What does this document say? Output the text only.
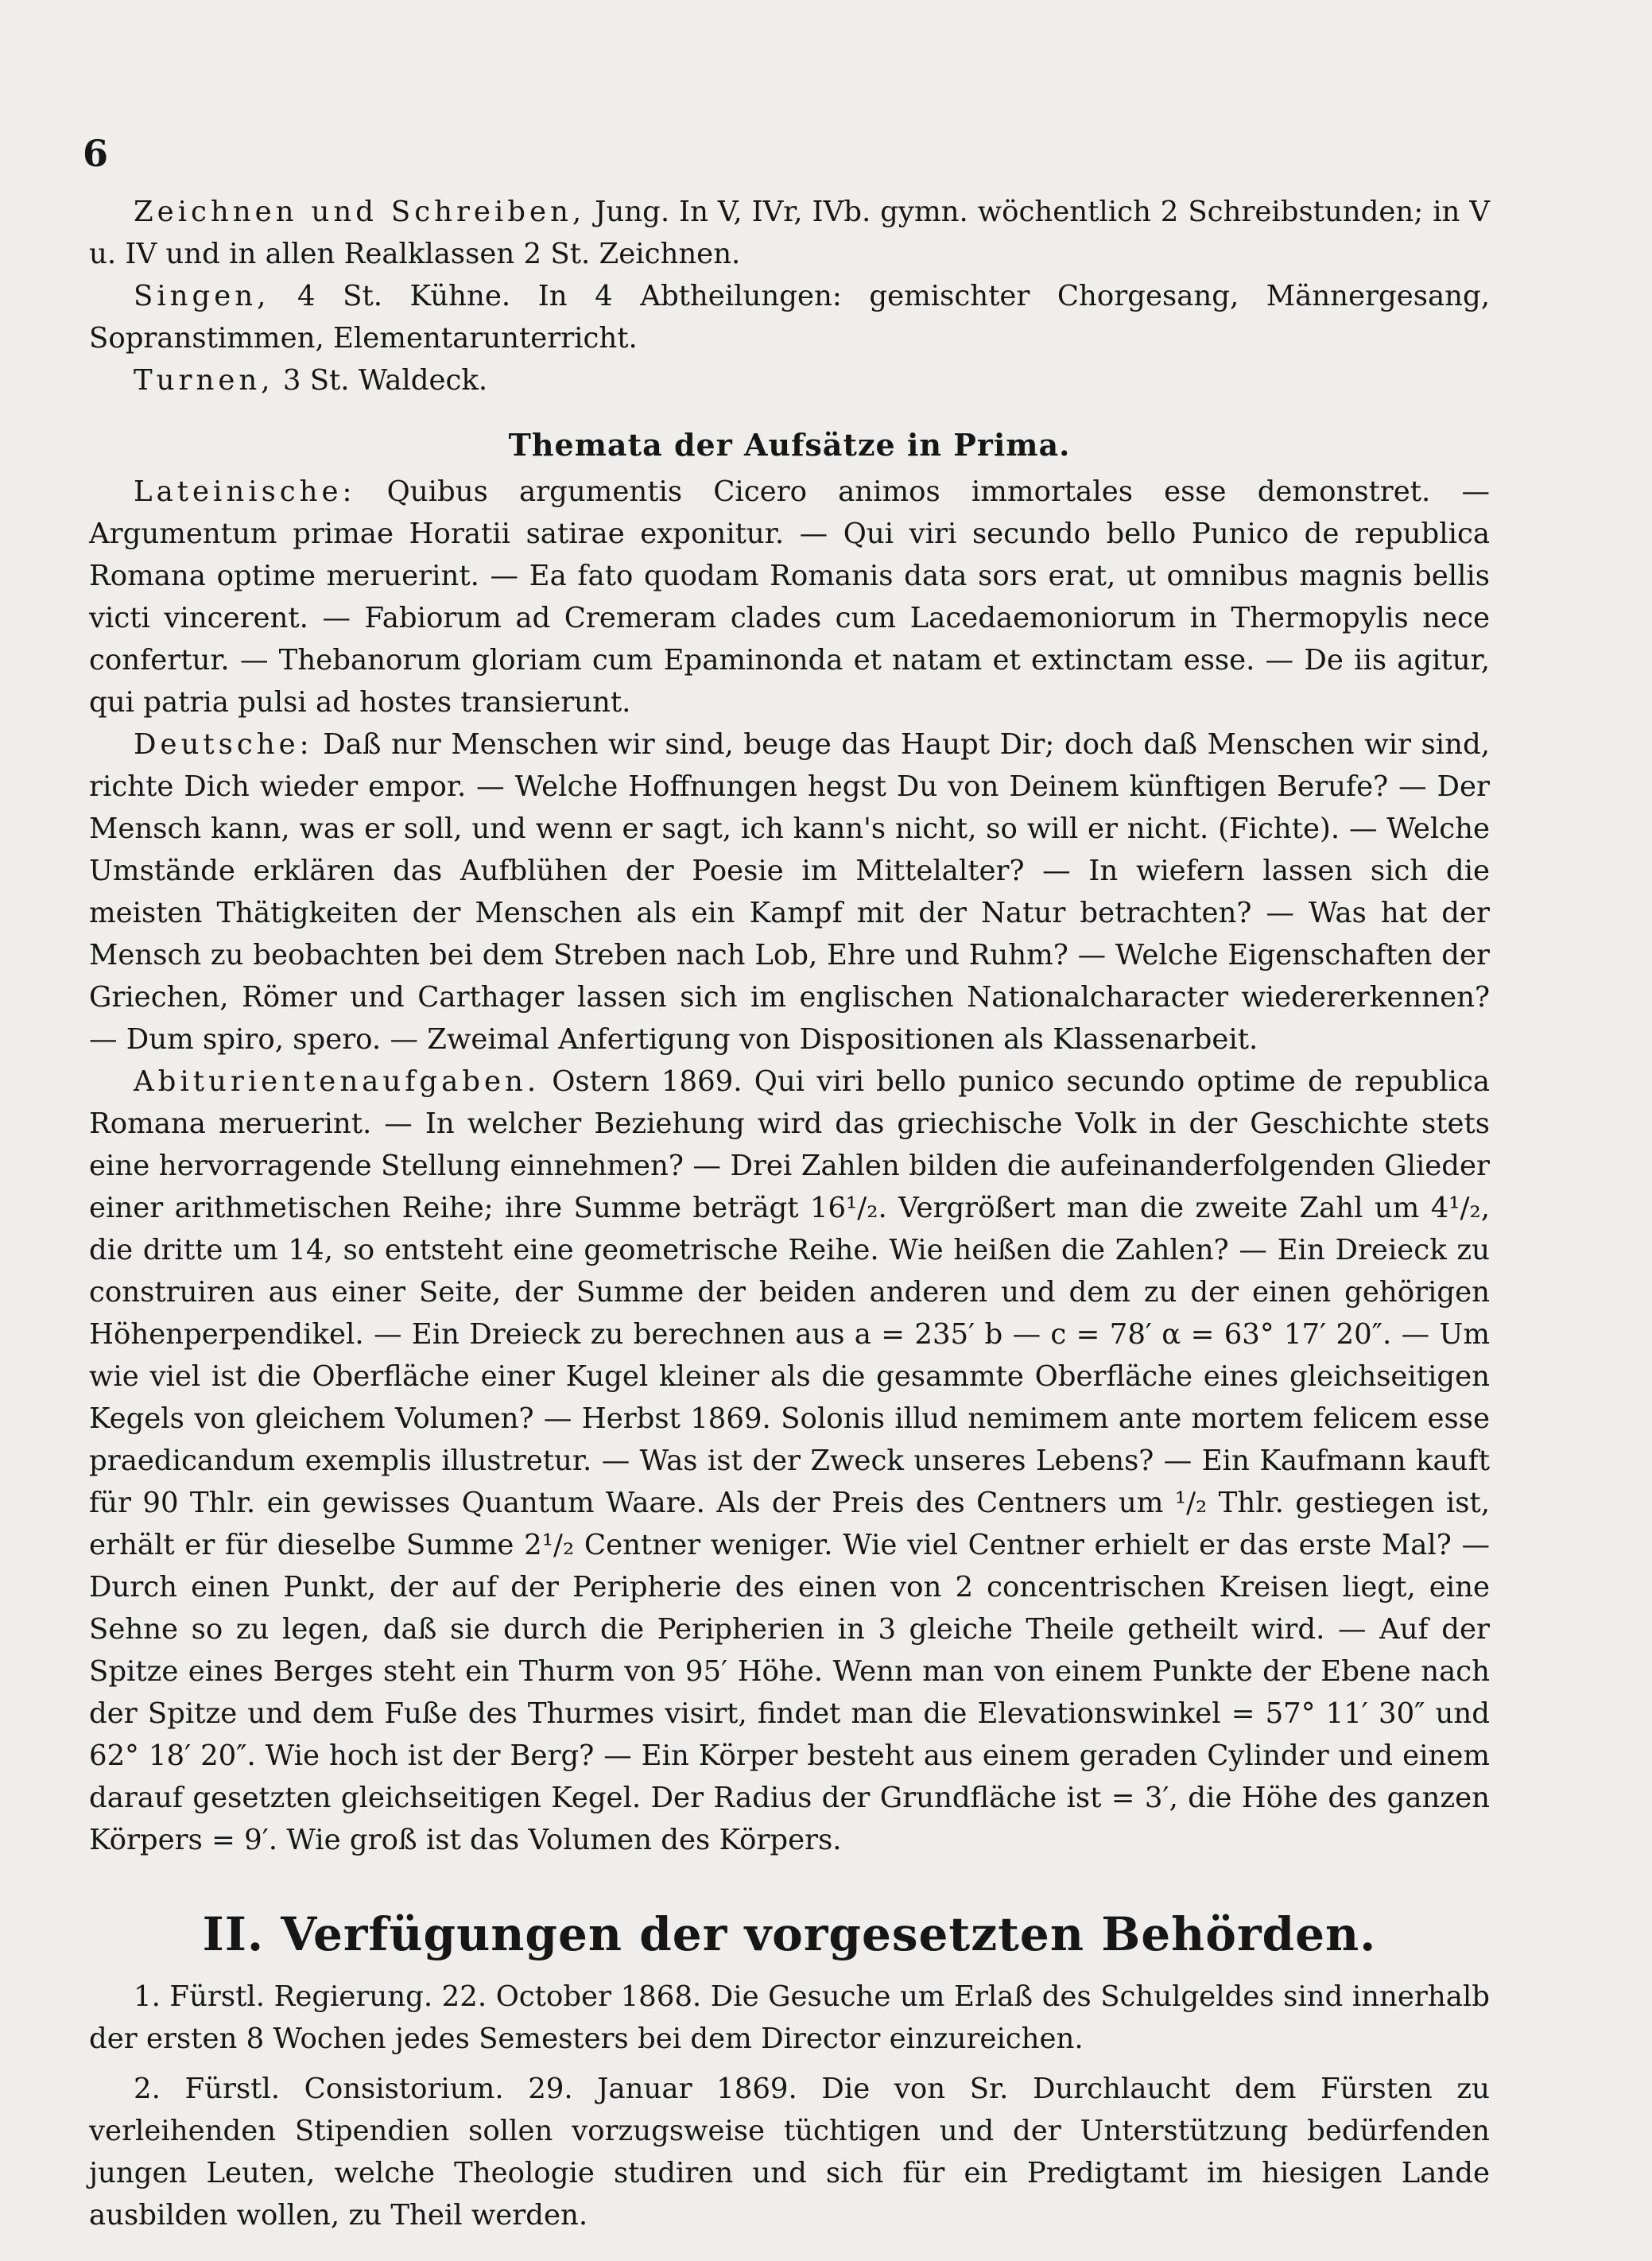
6

Zeichnen und Schreiben, Jung. In V, IVr, IVb. gymn. wöchentlich 2 Schreibstunden; in V u. IV und in allen Realklassen 2 St. Zeichnen.

Singen, 4 St. Kühne. In 4 Abtheilungen: gemischter Chorgesang, Männergesang, Sopranstimmen, Elementarunterricht.

Turnen, 3 St. Waldeck.

Themata der Aufsätze in Prima.

Lateinische: Quibus argumentis Cicero animos immortales esse demonstret. — Argumentum primae Horatii satirae exponitur. — Qui viri secundo bello Punico de republica Romana optime meruerint. — Ea fato quodam Romanis data sors erat, ut omnibus magnis bellis victi vincerent. — Fabiorum ad Cremeram clades cum Lacedaemoniorum in Thermopylis nece confertur. — Thebanorum gloriam cum Epaminonda et natam et extinctam esse. — De iis agitur, qui patria pulsi ad hostes transierunt.

Deutsche: Daß nur Menschen wir sind, beuge das Haupt Dir; doch daß Menschen wir sind, richte Dich wieder empor. — Welche Hoffnungen hegst Du von Deinem künftigen Berufe? — Der Mensch kann, was er soll, und wenn er sagt, ich kann's nicht, so will er nicht. (Fichte). — Welche Umstände erklären das Aufblühen der Poesie im Mittelalter? — In wiefern lassen sich die meisten Thätigkeiten der Menschen als ein Kampf mit der Natur betrachten? — Was hat der Mensch zu beobachten bei dem Streben nach Lob, Ehre und Ruhm? — Welche Eigenschaften der Griechen, Römer und Carthager lassen sich im englischen Nationalcharacter wiedererkennen? — Dum spiro, spero. — Zweimal Anfertigung von Dispositionen als Klassenarbeit.

Abiturientenaufgaben. Ostern 1869. Qui viri bello punico secundo optime de republica Romana meruerint. — In welcher Beziehung wird das griechische Volk in der Geschichte stets eine hervorragende Stellung einnehmen? — Drei Zahlen bilden die aufeinanderfolgenden Glieder einer arithmetischen Reihe; ihre Summe beträgt 16¹/₂. Vergrößert man die zweite Zahl um 4¹/₂, die dritte um 14, so entsteht eine geometrische Reihe. Wie heißen die Zahlen? — Ein Dreieck zu construiren aus einer Seite, der Summe der beiden anderen und dem zu der einen gehörigen Höhenperpendikel. — Ein Dreieck zu berechnen aus a = 235′ b — c = 78′ α = 63° 17′ 20″. — Um wie viel ist die Oberfläche einer Kugel kleiner als die gesammte Oberfläche eines gleichseitigen Kegels von gleichem Volumen? — Herbst 1869. Solonis illud nemimem ante mortem felicem esse praedicandum exemplis illustretur. — Was ist der Zweck unseres Lebens? — Ein Kaufmann kauft für 90 Thlr. ein gewisses Quantum Waare. Als der Preis des Centners um ¹/₂ Thlr. gestiegen ist, erhält er für dieselbe Summe 2¹/₂ Centner weniger. Wie viel Centner erhielt er das erste Mal? — Durch einen Punkt, der auf der Peripherie des einen von 2 concentrischen Kreisen liegt, eine Sehne so zu legen, daß sie durch die Peripherien in 3 gleiche Theile getheilt wird. — Auf der Spitze eines Berges steht ein Thurm von 95′ Höhe. Wenn man von einem Punkte der Ebene nach der Spitze und dem Fuße des Thurmes visirt, findet man die Elevationswinkel = 57° 11′ 30″ und 62° 18′ 20″. Wie hoch ist der Berg? — Ein Körper besteht aus einem geraden Cylinder und einem darauf gesetzten gleichseitigen Kegel. Der Radius der Grundfläche ist = 3′, die Höhe des ganzen Körpers = 9′. Wie groß ist das Volumen des Körpers.

II. Verfügungen der vorgesetzten Behörden.

1. Fürstl. Regierung. 22. October 1868. Die Gesuche um Erlaß des Schulgeldes sind innerhalb der ersten 8 Wochen jedes Semesters bei dem Director einzureichen.

2. Fürstl. Consistorium. 29. Januar 1869. Die von Sr. Durchlaucht dem Fürsten zu verleihenden Stipendien sollen vorzugsweise tüchtigen und der Unterstützung bedürfenden jungen Leuten, welche Theologie studiren und sich für ein Predigtamt im hiesigen Lande ausbilden wollen, zu Theil werden.
